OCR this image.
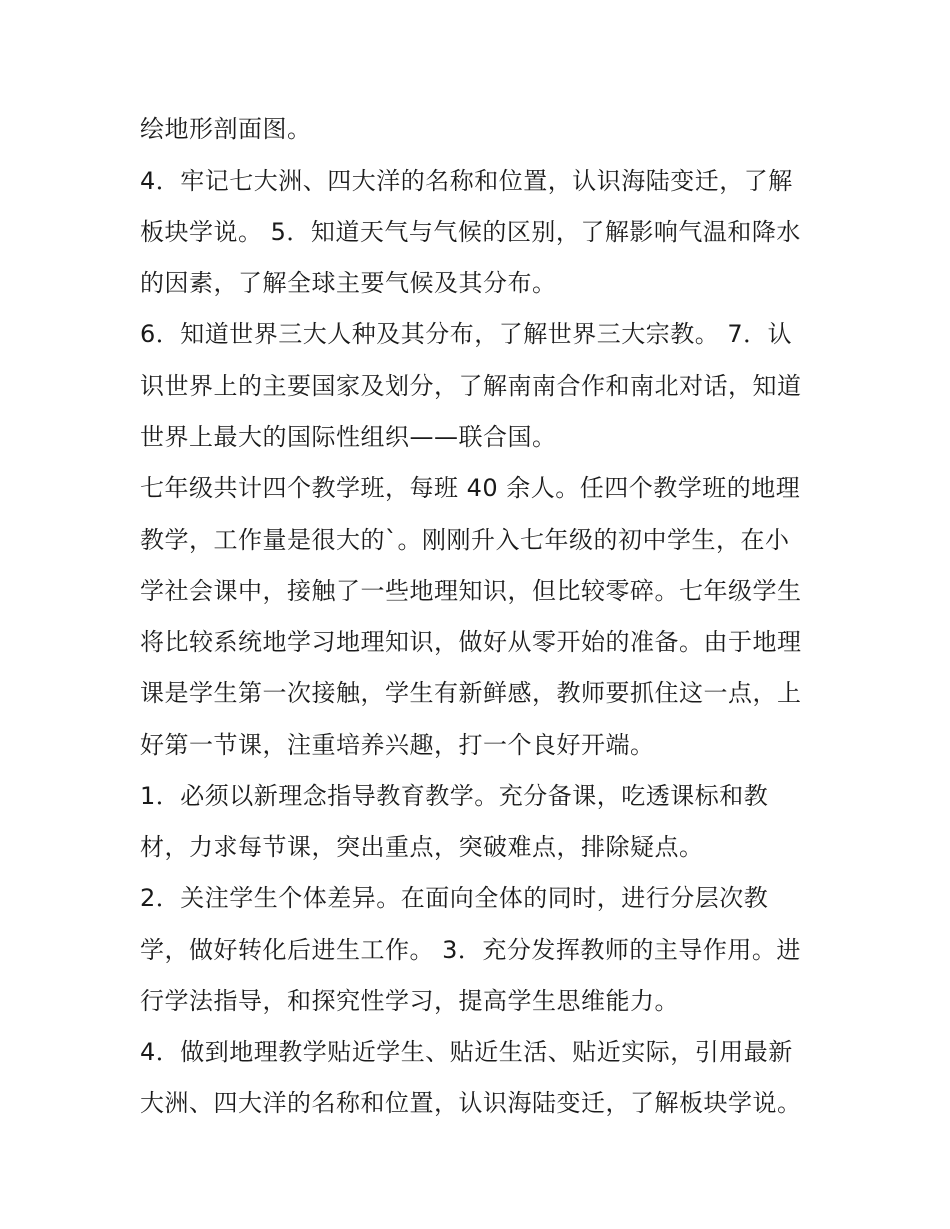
绘地形剖面图。

4．牢记七大洲、四大洋的名称和位置，认识海陆变迁，了解

板块学说。 5．知道天气与气候的区别，了解影响气温和降水

的因素，了解全球主要气候及其分布。

6．知道世界三大人种及其分布，了解世界三大宗教。 7．认

识世界上的主要国家及划分，了解南南合作和南北对话，知道

世界上最大的国际性组织——联合国。

七年级共计四个教学班，每班 40 余人。任四个教学班的地理

教学，工作量是很大的`。刚刚升入七年级的初中学生，在小

学社会课中，接触了一些地理知识，但比较零碎。七年级学生

将比较系统地学习地理知识，做好从零开始的准备。由于地理

课是学生第一次接触，学生有新鲜感，教师要抓住这一点，上

好第一节课，注重培养兴趣，打一个良好开端。

1．必须以新理念指导教育教学。充分备课，吃透课标和教

材，力求每节课，突出重点，突破难点，排除疑点。

2．关注学生个体差异。在面向全体的同时，进行分层次教

学，做好转化后进生工作。 3．充分发挥教师的主导作用。进

行学法指导，和探究性学习，提高学生思维能力。

4．做到地理教学贴近学生、贴近生活、贴近实际，引用最新

大洲、四大洋的名称和位置，认识海陆变迁，了解板块学说。
